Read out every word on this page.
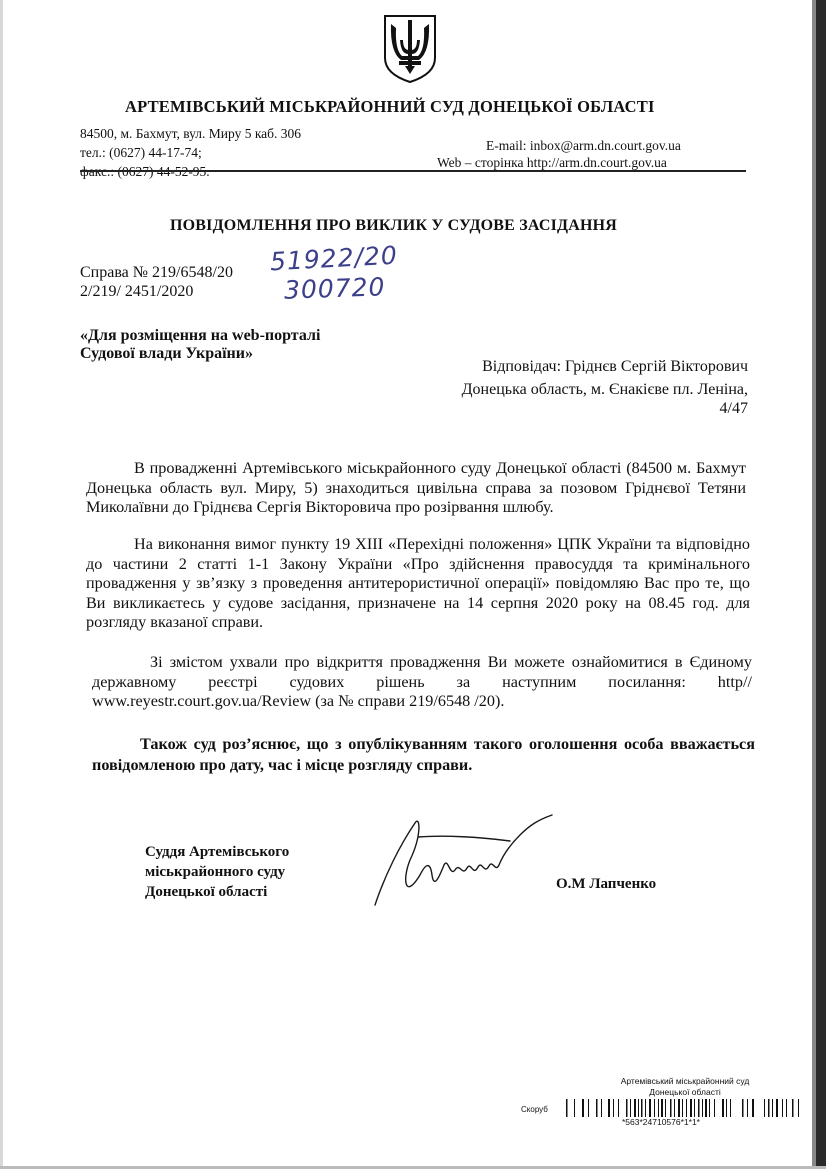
АРТЕМІВСЬКИЙ МІСЬКРАЙОННИЙ СУД ДОНЕЦЬКОЇ ОБЛАСТІ
84500, м. Бахмут, вул. Миру 5 каб. 306
тел.: (0627) 44-17-74;
факс.: (0627) 44-52-95.
E-mail: inbox@arm.dn.court.gov.ua
Web – сторінка http://arm.dn.court.gov.ua
ПОВІДОМЛЕННЯ ПРО ВИКЛИК У СУДОВЕ ЗАСІДАННЯ
Справа № 219/6548/20
2/219/ 2451/2020
51922/20
300720
«Для розміщення на web-порталі
Судової влади України»
Відповідач: Гріднєв Сергій Вікторович
Донецька область, м. Єнакієве пл. Леніна,
4/47
В провадженні Артемівського міськрайонного суду Донецької області (84500 м. Бахмут Донецька область вул. Миру, 5) знаходиться цивільна справа за позовом Гріднєвої Тетяни Миколаївни до Гріднєва Сергія Вікторовича про розірвання шлюбу.
На виконання вимог пункту 19 ХІІІ «Перехідні положення» ЦПК України та відповідно до частини 2 статті 1-1 Закону України «Про здійснення правосуддя та кримінального провадження у зв’язку з проведення антитерористичної операції» повідомляю Вас про те, що Ви викликаєтесь у судове засідання, призначене на 14 серпня 2020 року на 08.45 год. для розгляду вказаної справи.
Зі змістом ухвали про відкриття провадження Ви можете ознайомитися в Єдиному державному реєстрі судових рішень за наступним посилання: http// www.reyestr.court.gov.ua/Review (за № справи 219/6548 /20).
Також суд роз’яснює, що з опублікуванням такого оголошення особа вважається повідомленою про дату, час і місце розгляду справи.
Суддя Артемівського
міськрайонного суду
Донецької області	О.М Лапченко
Артемівський міськрайонний суд
Донецької області
Скоруб
*563*24710576*1*1*
